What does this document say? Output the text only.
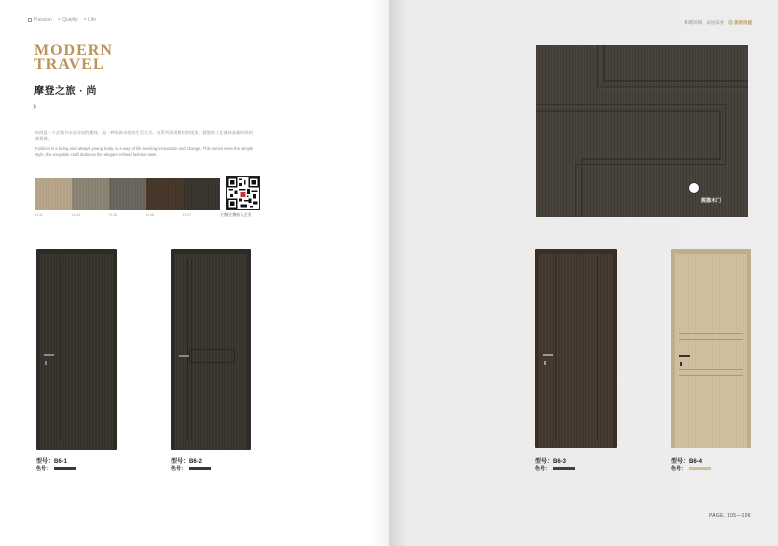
Passion × Quality × Life
MODERN
TRAVEL
摩登之旅 · 尚
›

时尚是一个活着并永远年轻的躯体，是一种求新求变的生活方式。这系列采用简约的线条，精湛的工艺演绎高雅时尚的新格调。

Fashion is a living and always young body, is a way of life seeking innovation and change. This series uses the simple style, the exquisite craft deduces the elegant refined fashion taste.

H-11	H-12	H-15	H-16	H-17	扫描左侧加入企业
型号：B6-1
色号：
型号：B6-2
色号：
和谐环保 安居乐业 ◎ 美居房屋
熊猫木门
型号：B6-3
色号：
型号：B6-4
色号：
PAGE. 105—106
